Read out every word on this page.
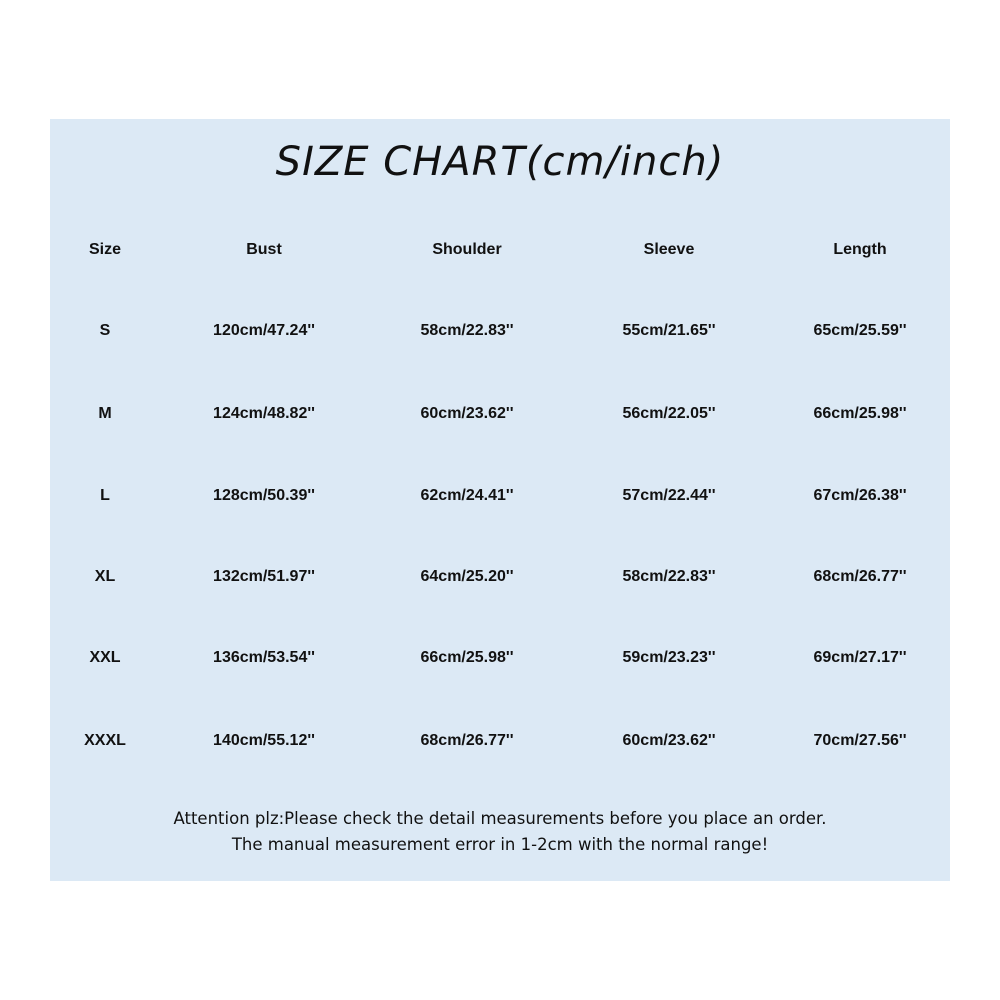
SIZE CHART(cm/inch)
Size	Bust	Shoulder	Sleeve	Length
S	120cm/47.24''	58cm/22.83''	55cm/21.65''	65cm/25.59''
M	124cm/48.82''	60cm/23.62''	56cm/22.05''	66cm/25.98''
L	128cm/50.39''	62cm/24.41''	57cm/22.44''	67cm/26.38''
XL	132cm/51.97''	64cm/25.20''	58cm/22.83''	68cm/26.77''
XXL	136cm/53.54''	66cm/25.98''	59cm/23.23''	69cm/27.17''
XXXL	140cm/55.12''	68cm/26.77''	60cm/23.62''	70cm/27.56''
Attention plz:Please check the detail measurements before you place an order.
The manual measurement error in 1-2cm with the normal range!
